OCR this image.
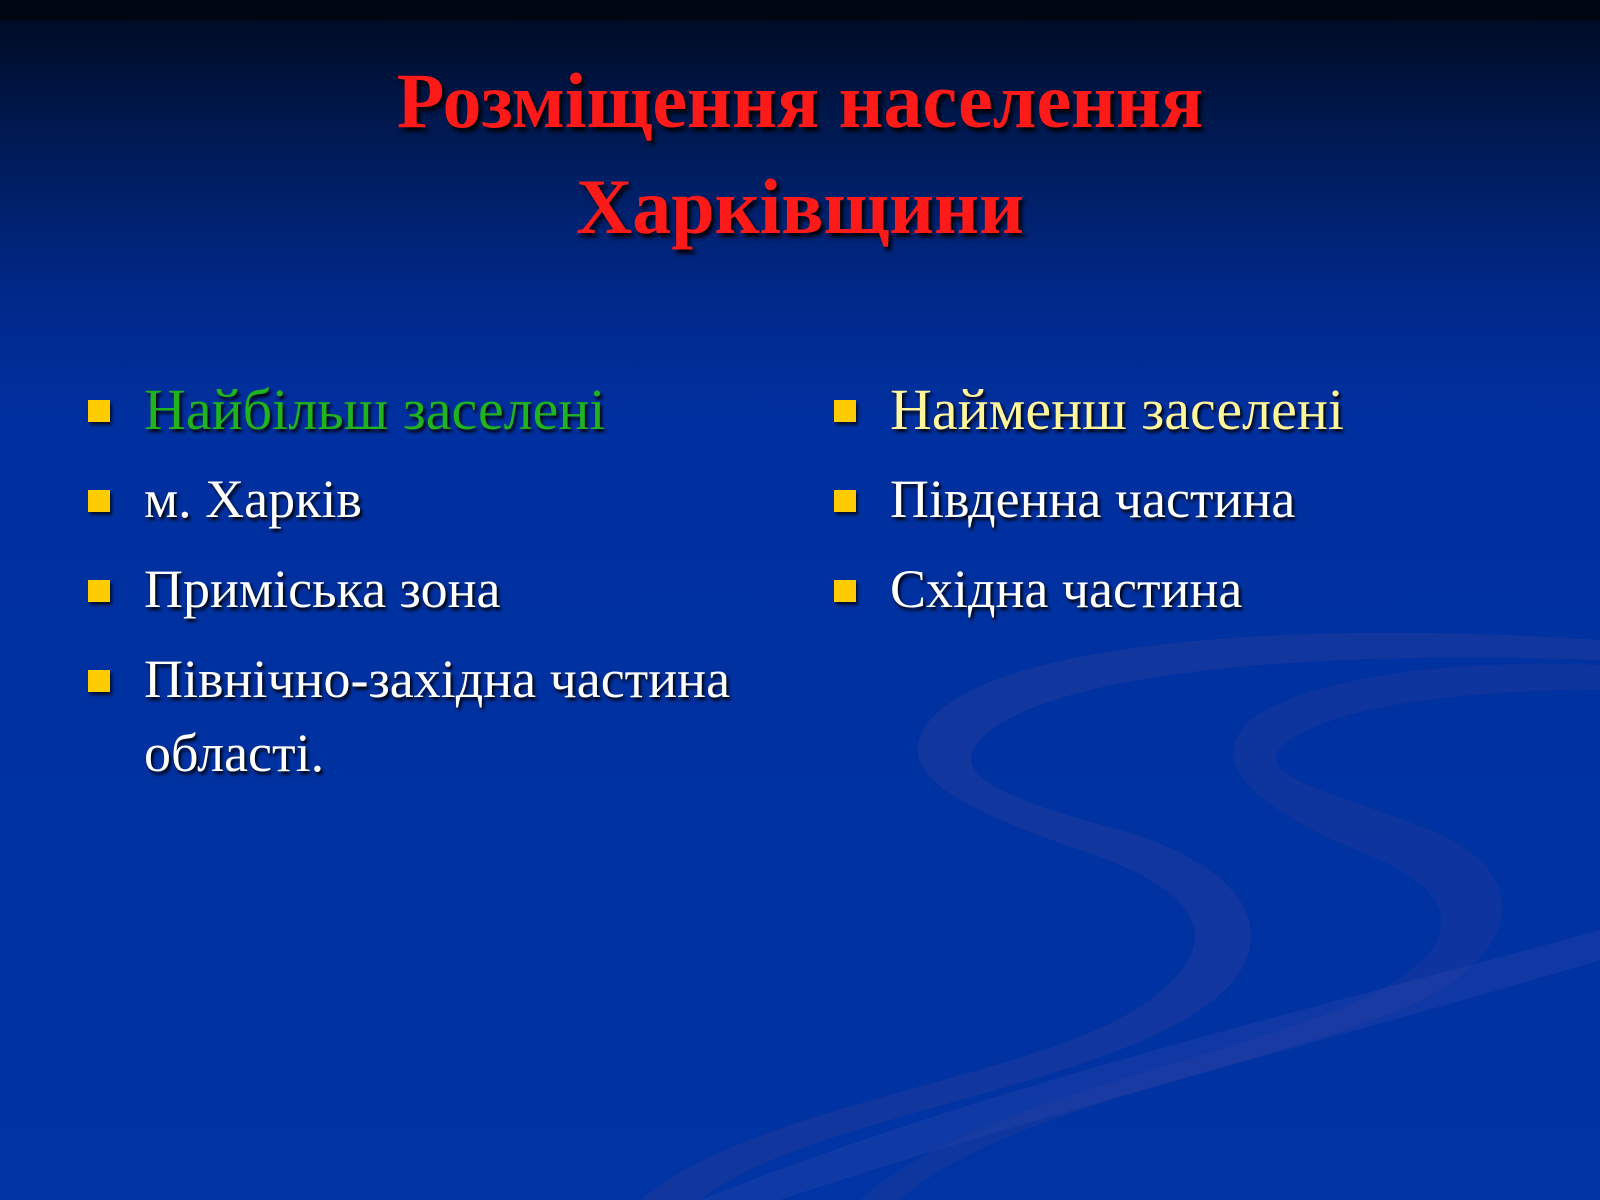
Розміщення населення
Харківщини
Найбільш заселені
м. Харків
Приміська зона
Північно-західна частина області.
Найменш заселені
Південна частина
Східна частина
